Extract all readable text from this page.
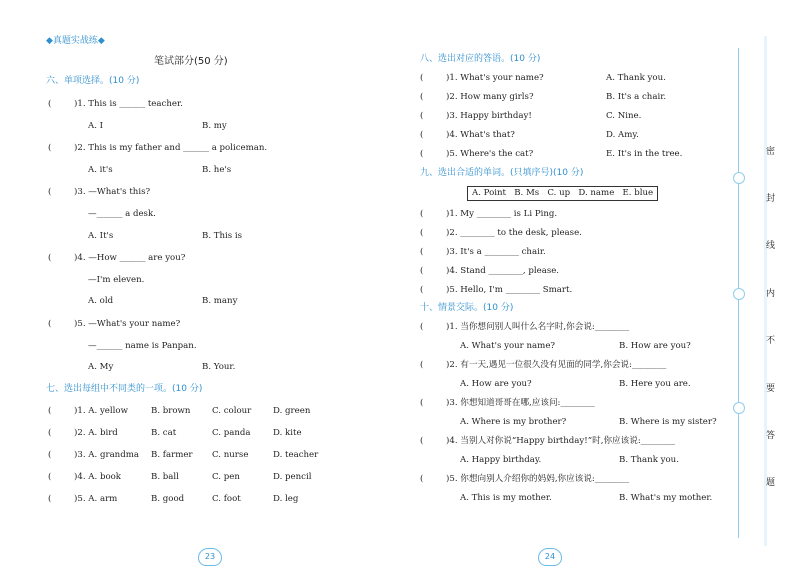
◆真题实战练◆
笔试部分(50 分)
六、单项选择。(10 分)
(	)1. This is ______ teacher.
A. I	B. my
(	)2. This is my father and ______ a policeman.
A. it's	B. he's
(	)3. —What's this?
—______ a desk.
A. It's	B. This is
(	)4. —How ______ are you?
—I'm eleven.
A. old	B. many
(	)5. —What's your name?
—______ name is Panpan.
A. My	B. Your.
七、选出每组中不同类的一项。(10 分)
(	)1. A. yellow	B. brown	C. colour	D. green
(	)2. A. bird	B. cat	C. panda	D. kite
(	)3. A. grandma B. farmer C. nurse	D. teacher
(	)4. A. book	B. ball	C. pen	D. pencil
(	)5. A. arm	B. good	C. foot	D. leg
23
八、选出对应的答语。(10 分)
(	)1. What's your name?	A. Thank you.
(	)2. How many girls?	B. It's a chair.
(	)3. Happy birthday!	C. Nine.
(	)4. What's that?	D. Amy.
(	)5. Where's the cat?	E. It's in the tree.
九、选出合适的单词。(只填序号)(10 分)
A. Point   B. Ms   C. up   D. name   E. blue
(	)1. My ________ is Li Ping.
(	)2. ________ to the desk, please.
(	)3. It's a ________ chair.
(	)4. Stand ________, please.
(	)5. Hello, I'm ________ Smart.
十、情景交际。(10 分)
(	)1. 当你想问别人叫什么名字时,你会说:________
A. What's your name?	B. How are you?
(	)2. 有一天,遇见一位很久没有见面的同学,你会说:________
A. How are you?	B. Here you are.
(	)3. 你想知道哥哥在哪,应该问:________
A. Where is my brother?	B. Where is my sister?
(	)4. 当别人对你说“Happy birthday!”时,你应该说:________
A. Happy birthday.	B. Thank you.
(	)5. 你想向别人介绍你的妈妈,你应该说:________
A. This is my mother.	B. What's my mother.
24
密
封
线
内
不
要
答
题
